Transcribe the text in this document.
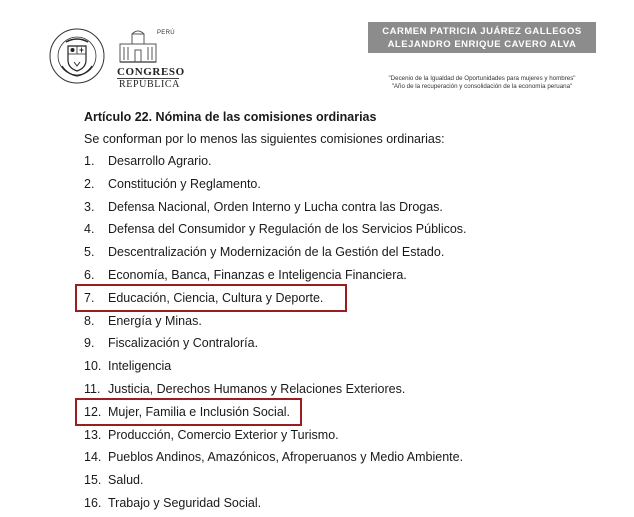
PERÚ
CONGRESO
REPÚBLICA
CARMEN PATRICIA JUÁREZ GALLEGOS
ALEJANDRO ENRIQUE CAVERO ALVA
"Decenio de la Igualdad de Oportunidades para mujeres y hombres"
"Año de la recuperación y consolidación de la economía peruana"
Artículo 22. Nómina de las comisiones ordinarias
Se conforman por lo menos las siguientes comisiones ordinarias:
1. Desarrollo Agrario.
2. Constitución y Reglamento.
3. Defensa Nacional, Orden Interno y Lucha contra las Drogas.
4. Defensa del Consumidor y Regulación de los Servicios Públicos.
5. Descentralización y Modernización de la Gestión del Estado.
6. Economía, Banca, Finanzas e Inteligencia Financiera.
7. Educación, Ciencia, Cultura y Deporte.
8. Energía y Minas.
9. Fiscalización y Contraloría.
10. Inteligencia
11. Justicia, Derechos Humanos y Relaciones Exteriores.
12. Mujer, Familia e Inclusión Social.
13. Producción, Comercio Exterior y Turismo.
14. Pueblos Andinos, Amazónicos, Afroperuanos y Medio Ambiente.
15. Salud.
16. Trabajo y Seguridad Social.
